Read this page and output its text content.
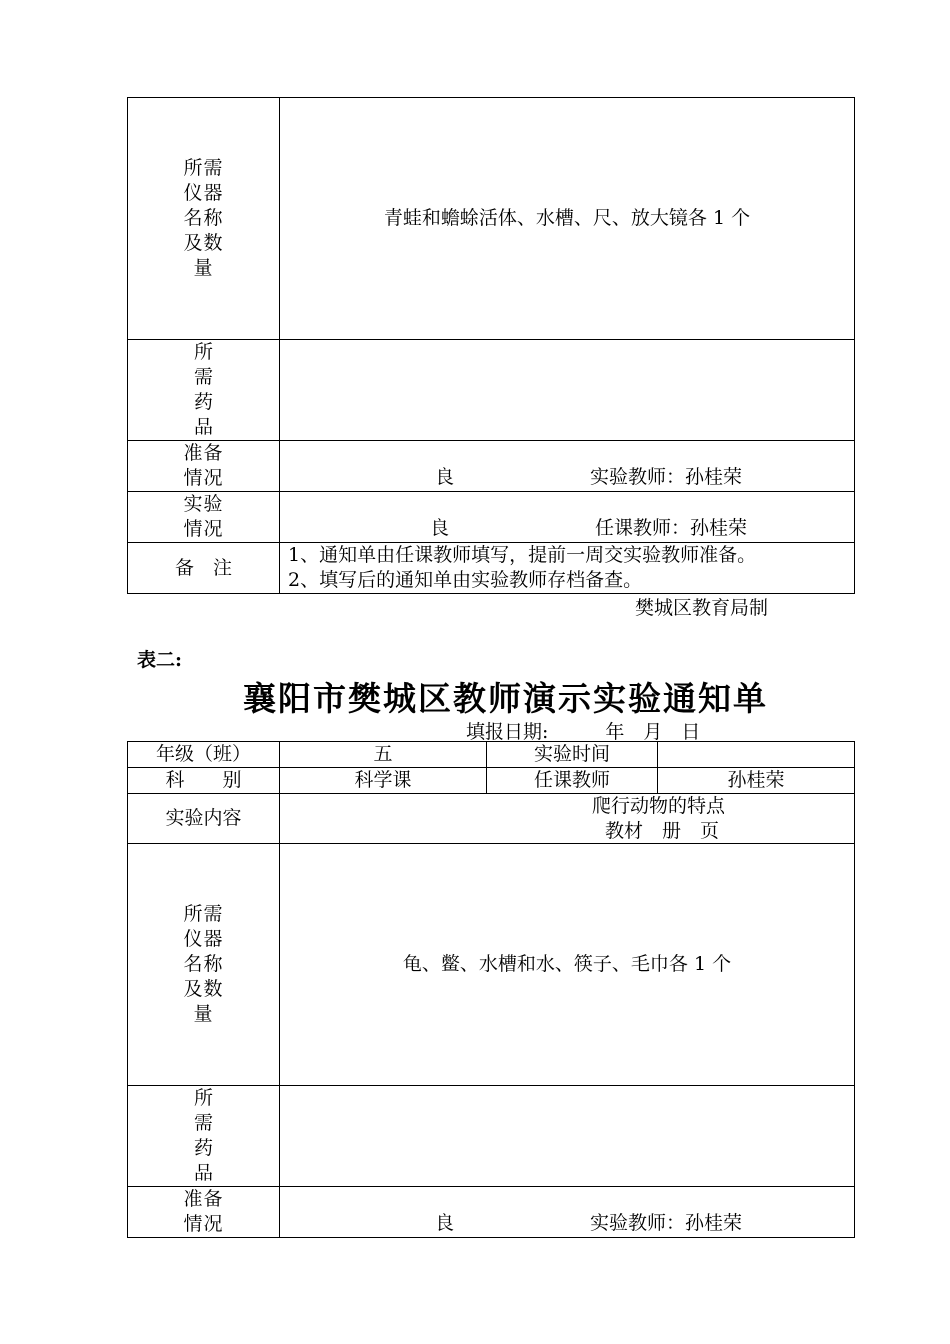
所需
仪器
名称
及数
量	青蛙和蟾蜍活体、水槽、尺、放大镜各 1 个

所
需
药
品	

准备
情况	良 实验教师：孙桂荣

实验
情况	良 任课教师：孙桂荣

备　注	1、通知单由任课教师填写，提前一周交实验教师准备。
2、填写后的通知单由实验教师存档备查。
樊城区教育局制
表二:
襄阳市樊城区教师演示实验通知单
填报日期:　　　年　月　日
年级（班）	五	实验时间	
科　　别	科学课	任课教师	孙桂荣
实验内容	爬行动物的特点
教材　册　页		

所需
仪器
名称
及数
量	龟、鳖、水槽和水、筷子、毛巾各 1 个		

所
需
药
品			

准备
情况	良 实验教师：孙桂荣		
